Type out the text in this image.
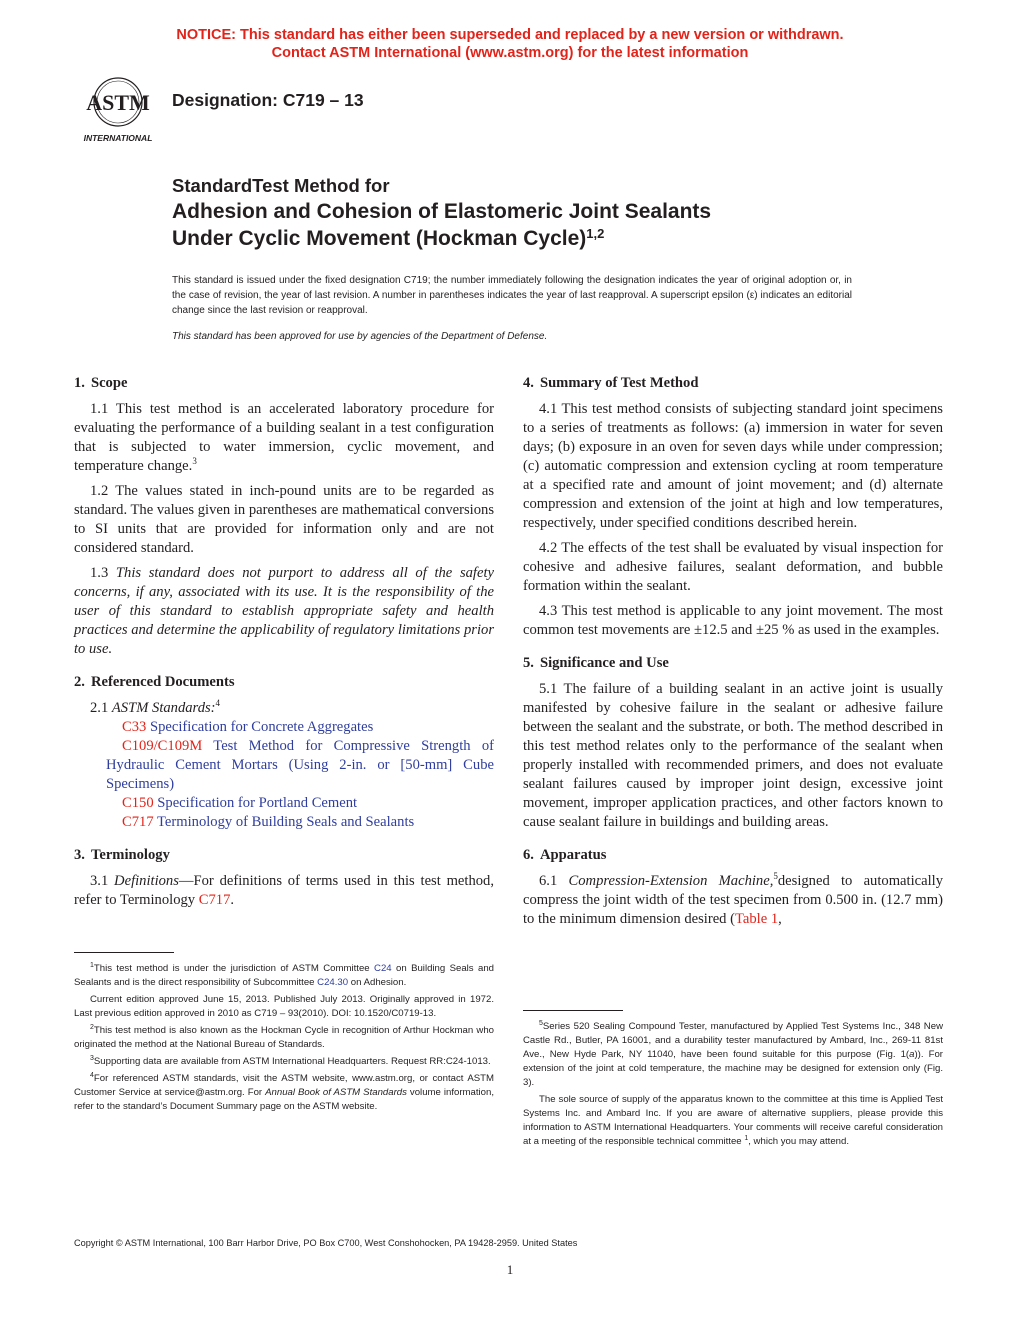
NOTICE: This standard has either been superseded and replaced by a new version or withdrawn.
Contact ASTM International (www.astm.org) for the latest information
ASTM
INTERNATIONAL
Designation: C719 – 13
StandardTest Method for
Adhesion and Cohesion of Elastomeric Joint Sealants
Under Cyclic Movement (Hockman Cycle)$^{1,2}$
This standard is issued under the fixed designation C719; the number immediately following the designation indicates the year of original adoption or, in the case of revision, the year of last revision. A number in parentheses indicates the year of last reapproval. A superscript epsilon (ε) indicates an editorial change since the last revision or reapproval.
This standard has been approved for use by agencies of the Department of Defense.
1. Scope

1.1 This test method is an accelerated laboratory procedure for evaluating the performance of a building sealant in a test configuration that is subjected to water immersion, cyclic movement, and temperature change.$^3$

1.2 The values stated in inch-pound units are to be regarded as standard. The values given in parentheses are mathematical conversions to SI units that are provided for information only and are not considered standard.

1.3 This standard does not purport to address all of the safety concerns, if any, associated with its use. It is the responsibility of the user of this standard to establish appropriate safety and health practices and determine the applicability of regulatory limitations prior to use.

2. Referenced Documents

2.1 ASTM Standards:$^4$

C33 Specification for Concrete Aggregates

C109/C109M Test Method for Compressive Strength of Hydraulic Cement Mortars (Using 2-in. or [50-mm] Cube Specimens)

C150 Specification for Portland Cement

C717 Terminology of Building Seals and Sealants

3. Terminology

3.1 Definitions—For definitions of terms used in this test method, refer to Terminology C717.

4. Summary of Test Method

4.1 This test method consists of subjecting standard joint specimens to a series of treatments as follows: (a) immersion in water for seven days; (b) exposure in an oven for seven days while under compression; (c) automatic compression and extension cycling at room temperature at a specified rate and amount of joint movement; and (d) alternate compression and extension of the joint at high and low temperatures, respectively, under specified conditions described herein.

4.2 The effects of the test shall be evaluated by visual inspection for cohesive and adhesive failures, sealant deformation, and bubble formation within the sealant.

4.3 This test method is applicable to any joint movement. The most common test movements are ±12.5 and ±25 % as used in the examples.

5. Significance and Use

5.1 The failure of a building sealant in an active joint is usually manifested by cohesive failure in the sealant or adhesive failure between the sealant and the substrate, or both. The method described in this test method relates only to the performance of the sealant when properly installed with recommended primers, and does not evaluate sealant failures caused by improper joint design, excessive joint movement, improper application practices, and other factors known to cause sealant failure in buildings and building areas.

6. Apparatus

6.1 Compression-Extension Machine,$^5$designed to automatically compress the joint width of the test specimen from 0.500 in. (12.7 mm) to the minimum dimension desired (Table 1,

$^1$This test method is under the jurisdiction of ASTM Committee C24 on Building Seals and Sealants and is the direct responsibility of Subcommittee C24.30 on Adhesion.

Current edition approved June 15, 2013. Published July 2013. Originally approved in 1972. Last previous edition approved in 2010 as C719 – 93(2010). DOI: 10.1520/C0719-13.

$^2$This test method is also known as the Hockman Cycle in recognition of Arthur Hockman who originated the method at the National Bureau of Standards.

$^3$Supporting data are available from ASTM International Headquarters. Request RR:C24-1013.

$^4$For referenced ASTM standards, visit the ASTM website, www.astm.org, or contact ASTM Customer Service at service@astm.org. For Annual Book of ASTM Standards volume information, refer to the standard’s Document Summary page on the ASTM website.

$^5$Series 520 Sealing Compound Tester, manufactured by Applied Test Systems Inc., 348 New Castle Rd., Butler, PA 16001, and a durability tester manufactured by Ambard, Inc., 269-11 81st Ave., New Hyde Park, NY 11040, have been found suitable for this purpose (Fig. 1(a)). For extension of the joint at cold temperature, the machine may be designed for extension only (Fig. 3).

The sole source of supply of the apparatus known to the committee at this time is Applied Test Systems Inc. and Ambard Inc. If you are aware of alternative suppliers, please provide this information to ASTM International Headquarters. Your comments will receive careful consideration at a meeting of the responsible technical committee $^1$, which you may attend.

Copyright © ASTM International, 100 Barr Harbor Drive, PO Box C700, West Conshohocken, PA 19428-2959. United States
1
